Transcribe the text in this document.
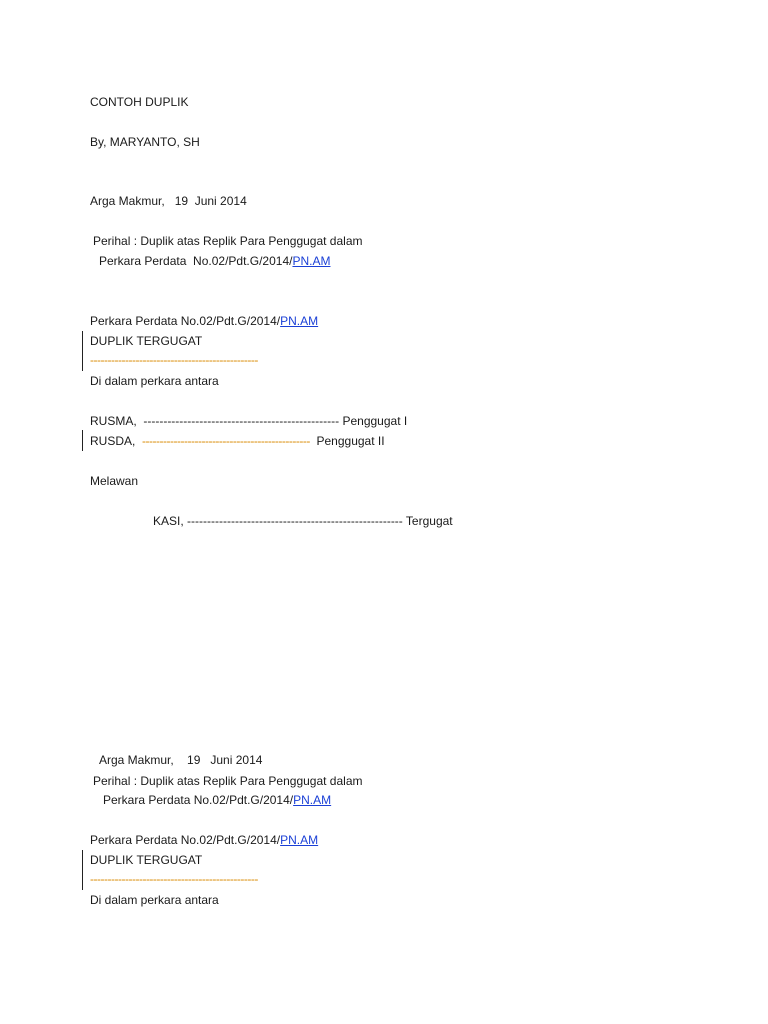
CONTOH DUPLIK
By, MARYANTO, SH
Arga Makmur,   19  Juni 2014
Perihal : Duplik atas Replik Para Penggugat dalam
Perkara Perdata  No.02/Pdt.G/2014/PN.AM
Perkara Perdata No.02/Pdt.G/2014/PN.AM
DUPLIK TERGUGAT
------------------------------------------------
Di dalam perkara antara
RUSMA,  ------------------------------------------------- Penggugat I
RUSDA,  ------------------------------------------------  Penggugat II
Melawan
KASI, ------------------------------------------------------ Tergugat
Arga Makmur,    19   Juni 2014
Perihal : Duplik atas Replik Para Penggugat dalam
Perkara Perdata No.02/Pdt.G/2014/PN.AM
Perkara Perdata No.02/Pdt.G/2014/PN.AM
DUPLIK TERGUGAT
------------------------------------------------
Di dalam perkara antara
